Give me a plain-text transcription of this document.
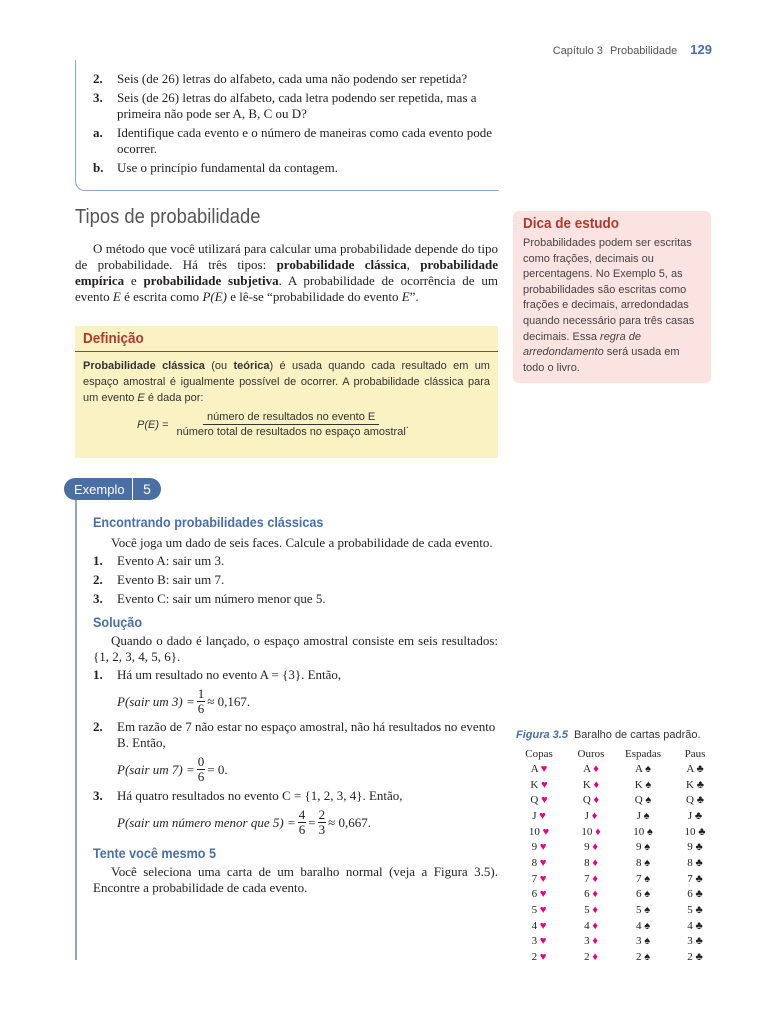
Capítulo 3 Probabilidade 129
2. Seis (de 26) letras do alfabeto, cada uma não podendo ser repetida?
3. Seis (de 26) letras do alfabeto, cada letra podendo ser repetida, mas a primeira não pode ser A, B, C ou D?
a. Identifique cada evento e o número de maneiras como cada evento pode ocorrer.
b. Use o princípio fundamental da contagem.
Tipos de probabilidade

O método que você utilizará para calcular uma probabilidade depende do tipo de probabilidade. Há três tipos: probabilidade clássica, probabilidade empírica e probabilidade subjetiva. A probabilidade de ocorrência de um evento E é escrita como P(E) e lê-se “probabilidade do evento E”.

Dica de estudo

Probabilidades podem ser escritas como frações, decimais ou percentagens. No Exemplo 5, as probabilidades são escritas como frações e decimais, arredondadas quando necessário para três casas decimais. Essa regra de arredondamento será usada em todo o livro.

Definição

Probabilidade clássica (ou teórica) é usada quando cada resultado em um espaço amostral é igualmente possível de ocorrer. A probabilidade clássica para um evento E é dada por:

P(E) =
número de resultados no evento E
número total de resultados no espaço amostral
.
Exemplo	5
Encontrando probabilidades clássicas

Você joga um dado de seis faces. Calcule a probabilidade de cada evento.

1. Evento A: sair um 3.
2. Evento B: sair um 7.
3. Evento C: sair um número menor que 5.
Solução

Quando o dado é lançado, o espaço amostral consiste em seis resultados: {1, 2, 3, 4, 5, 6}.

1. Há um resultado no evento A = {3}. Então,
P(sair um $3) = \frac{1}{6} \approx 0,167$.
2. Em razão de 7 não estar no espaço amostral, não há resultados no evento B. Então,
P(sair um $7) = \frac{0}{6} = 0$.
3. Há quatro resultados no evento C = {1, 2, 3, 4}. Então,
P(sair um número menor que $5) = \frac{4}{6} = \frac{2}{3} \approx 0,667$.
Tente você mesmo 5

Você seleciona uma carta de um baralho normal (veja a Figura 3.5). Encontre a probabilidade de cada evento.

Figura 3.5 Baralho de cartas padrão.
Copas	Ouros	Espadas	Paus
A ♥	A ♦	A ♠	A ♣
K ♥	K ♦	K ♠	K ♣
Q ♥	Q ♦	Q ♠	Q ♣
J ♥	J ♦	J ♠	J ♣
10 ♥	10 ♦	10 ♠	10 ♣
9 ♥	9 ♦	9 ♠	9 ♣
8 ♥	8 ♦	8 ♠	8 ♣
7 ♥	7 ♦	7 ♠	7 ♣
6 ♥	6 ♦	6 ♠	6 ♣
5 ♥	5 ♦	5 ♠	5 ♣
4 ♥	4 ♦	4 ♠	4 ♣
3 ♥	3 ♦	3 ♠	3 ♣
2 ♥	2 ♦	2 ♠	2 ♣
